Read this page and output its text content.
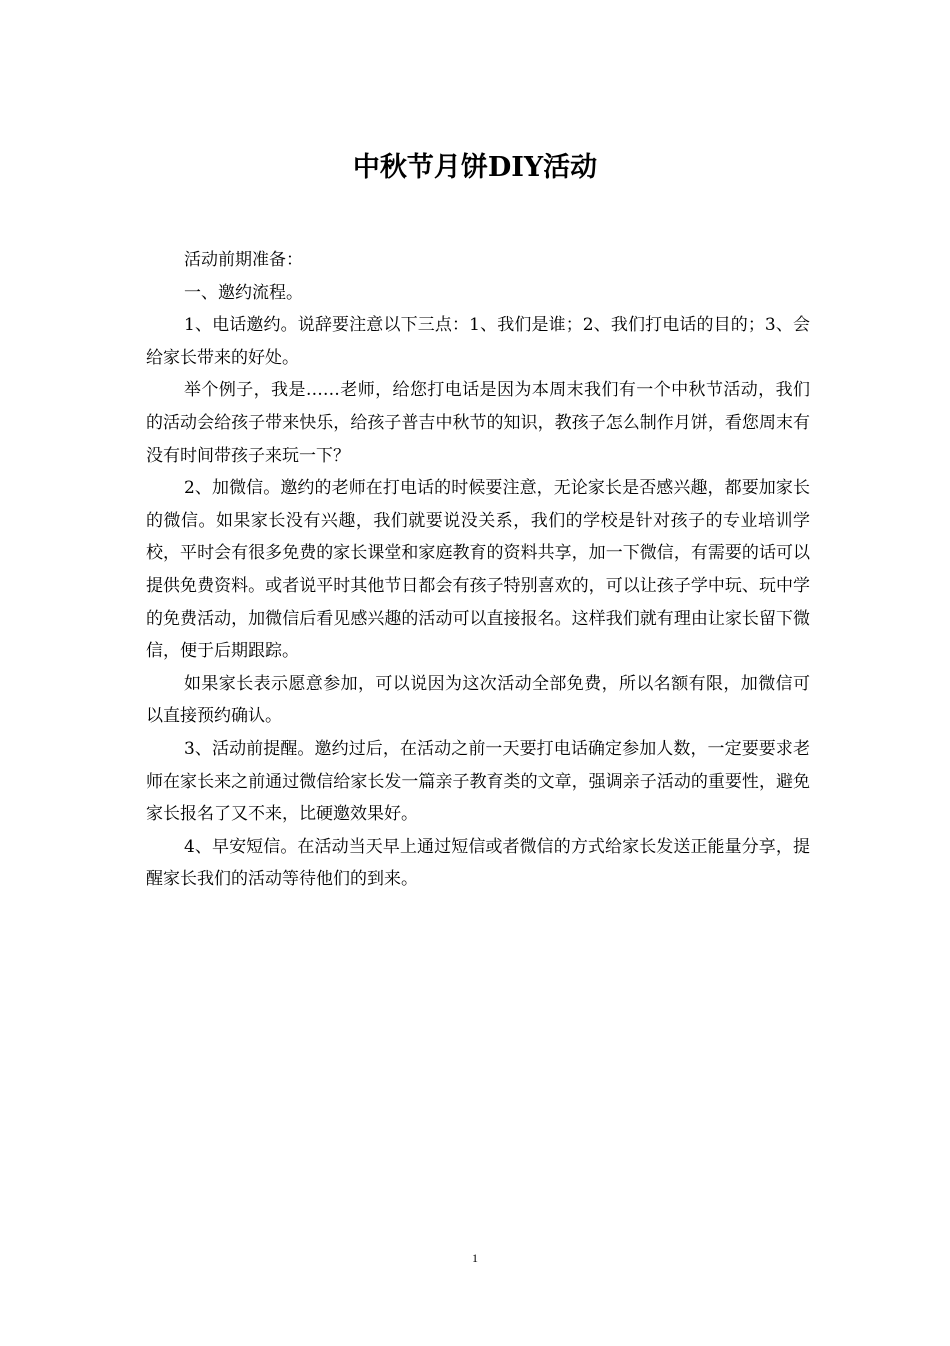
中秋节月饼DIY活动

活动前期准备：

一、邀约流程。

1、电话邀约。说辞要注意以下三点：1、我们是谁；2、我们打电话的目的；3、会给家长带来的好处。

举个例子，我是……老师，给您打电话是因为本周末我们有一个中秋节活动，我们的活动会给孩子带来快乐，给孩子普吉中秋节的知识，教孩子怎么制作月饼，看您周末有没有时间带孩子来玩一下？

2、加微信。邀约的老师在打电话的时候要注意，无论家长是否感兴趣，都要加家长的微信。如果家长没有兴趣，我们就要说没关系，我们的学校是针对孩子的专业培训学校，平时会有很多免费的家长课堂和家庭教育的资料共享，加一下微信，有需要的话可以提供免费资料。或者说平时其他节日都会有孩子特别喜欢的，可以让孩子学中玩、玩中学的免费活动，加微信后看见感兴趣的活动可以直接报名。这样我们就有理由让家长留下微信，便于后期跟踪。

如果家长表示愿意参加，可以说因为这次活动全部免费，所以名额有限，加微信可以直接预约确认。

3、活动前提醒。邀约过后，在活动之前一天要打电话确定参加人数，一定要要求老师在家长来之前通过微信给家长发一篇亲子教育类的文章，强调亲子活动的重要性，避免家长报名了又不来，比硬邀效果好。

4、早安短信。在活动当天早上通过短信或者微信的方式给家长发送正能量分享，提醒家长我们的活动等待他们的到来。

1
